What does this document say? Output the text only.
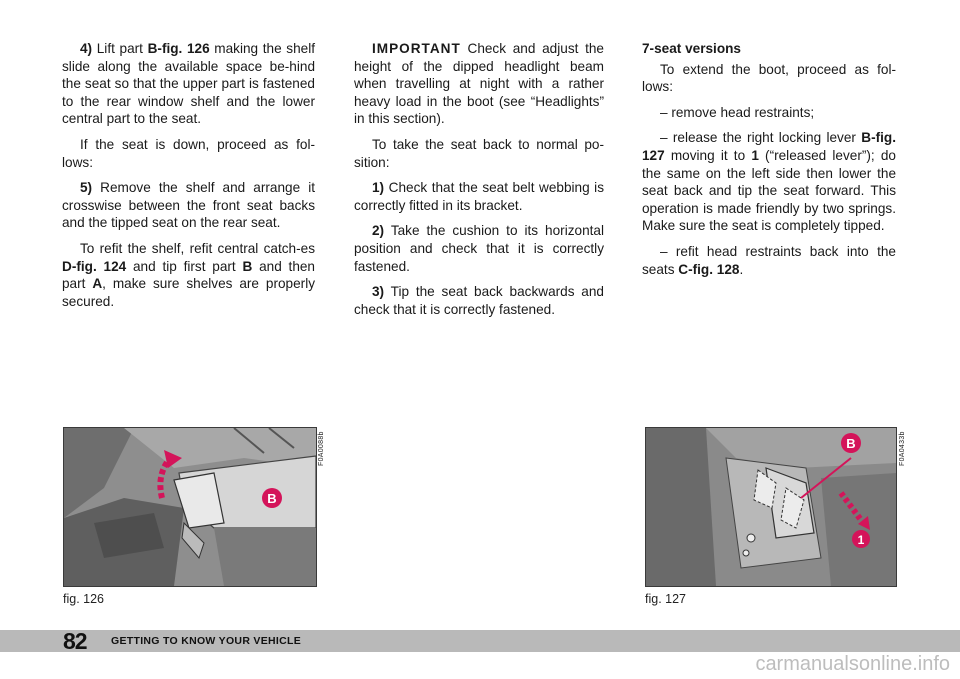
4) Lift part B-fig. 126 making the shelf slide along the available space be-hind the seat so that the upper part is fastened to the rear window shelf and the lower central part to the seat.

If the seat is down, proceed as fol-lows:

5) Remove the shelf and arrange it crosswise between the front seat backs and the tipped seat on the rear seat.

To refit the shelf, refit central catch-es D-fig. 124 and tip first part B and then part A, make sure shelves are properly secured.

IMPORTANT Check and adjust the height of the dipped headlight beam when travelling at night with a rather heavy load in the boot (see “Headlights” in this section).

To take the seat back to normal po-sition:

1) Check that the seat belt webbing is correctly fitted in its bracket.

2) Take the cushion to its horizontal position and check that it is correctly fastened.

3) Tip the seat back backwards and check that it is correctly fastened.

7-seat versions

To extend the boot, proceed as fol-lows:

– remove head restraints;

– release the right locking lever B-fig. 127 moving it to 1 (“released lever”); do the same on the left side then lower the seat back and tip the seat forward. This operation is made friendly by two springs. Make sure the seat is completely tipped.

– refit head restraints back into the seats C-fig. 128.

B
F0A0088b
fig. 126
B
1
F0A0433b
fig. 127
82 GETTING TO KNOW YOUR VEHICLE
carmanualsonline.info
